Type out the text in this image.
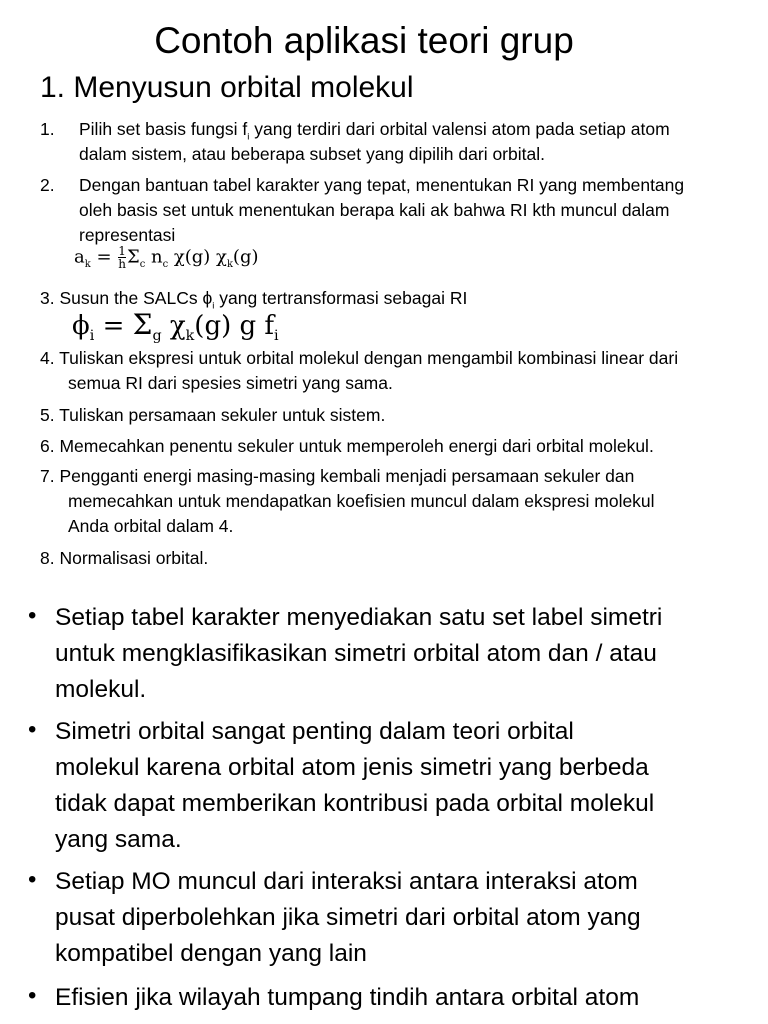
Contoh aplikasi teori grup
1. Menyusun orbital molekul
1. Pilih set basis fungsi $f_i$ yang terdiri dari orbital valensi atom pada setiap atom
dalam sistem, atau beberapa subset yang dipilih dari orbital.
2. Dengan bantuan tabel karakter yang tepat, menentukan RI yang membentang
oleh basis set untuk menentukan berapa kali ak bahwa RI kth muncul dalam
representasi
$a_k = \frac{1}{h} \Sigma_c$ $n_c$ χ(g) $\chi_k(g)$
3. Susun the SALCs $\phi_i$ yang tertransformasi sebagai RI
$\phi_i = \Sigma_g$ $\chi_k(g)$ g $f_i$
4. Tuliskan ekspresi untuk orbital molekul dengan mengambil kombinasi linear dari
semua RI dari spesies simetri yang sama.
5. Tuliskan persamaan sekuler untuk sistem.
6. Memecahkan penentu sekuler untuk memperoleh energi dari orbital molekul.
7. Pengganti energi masing-masing kembali menjadi persamaan sekuler dan
memecahkan untuk mendapatkan koefisien muncul dalam ekspresi molekul
Anda orbital dalam 4.
8. Normalisasi orbital.
• Setiap tabel karakter menyediakan satu set label simetri
untuk mengklasifikasikan simetri orbital atom dan / atau
molekul.
• Simetri orbital sangat penting dalam teori orbital
molekul karena orbital atom jenis simetri yang berbeda
tidak dapat memberikan kontribusi pada orbital molekul
yang sama.
• Setiap MO muncul dari interaksi antara interaksi atom
pusat diperbolehkan jika simetri dari orbital atom yang
kompatibel dengan yang lain
• Efisien jika wilayah tumpang tindih antara orbital atom
